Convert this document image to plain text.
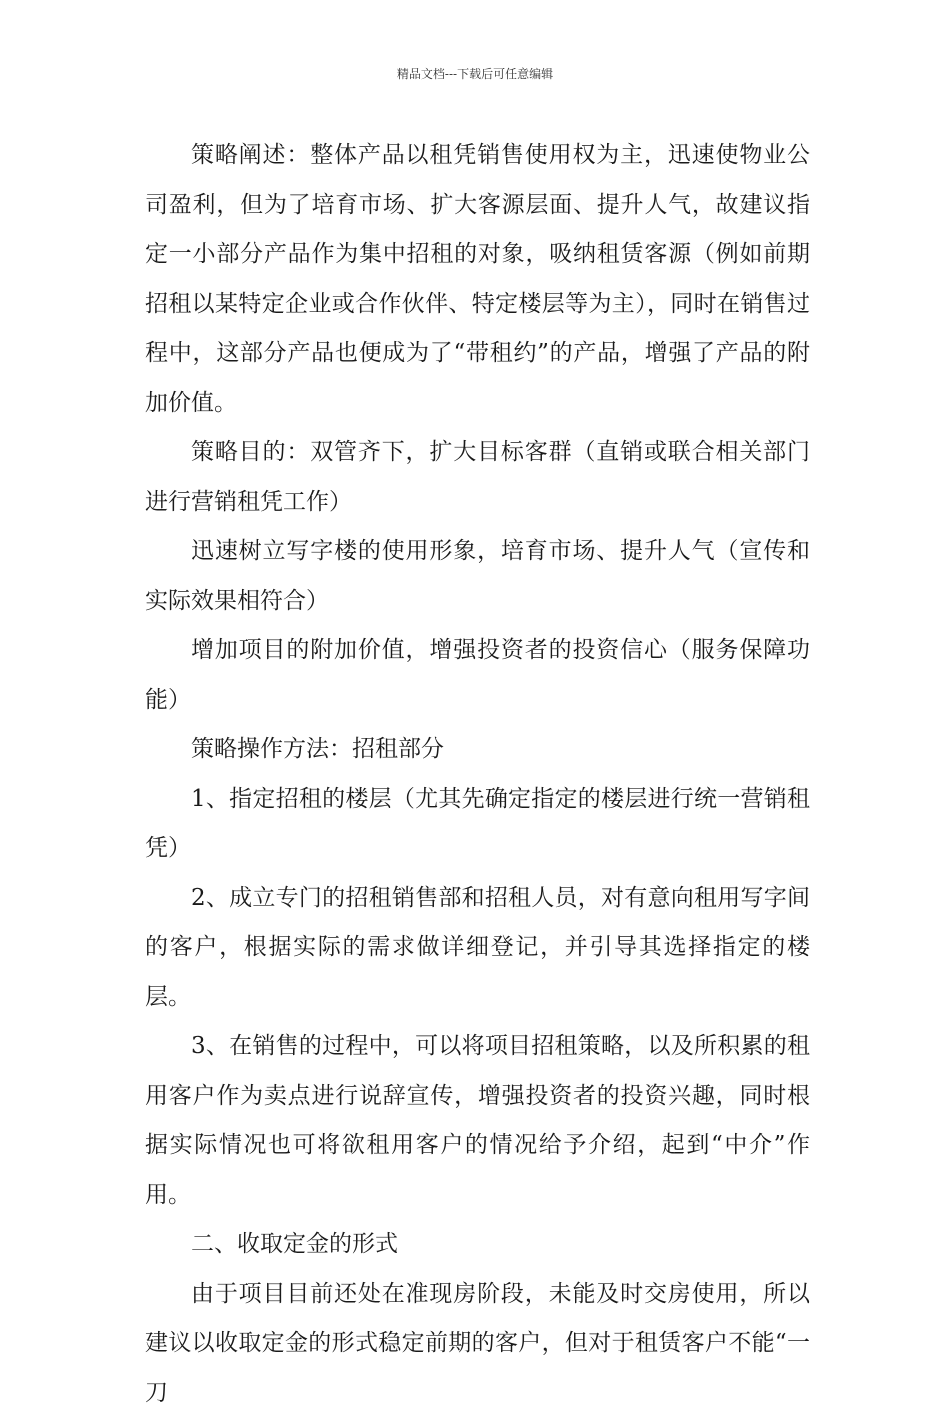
精品文档---下载后可任意编辑

策略阐述：整体产品以租凭销售使用权为主，迅速使物业公司盈利，但为了培育市场、扩大客源层面、提升人气，故建议指定一小部分产品作为集中招租的对象，吸纳租赁客源（例如前期招租以某特定企业或合作伙伴、特定楼层等为主），同时在销售过程中，这部分产品也便成为了“带租约”的产品，增强了产品的附加价值。

策略目的：双管齐下，扩大目标客群（直销或联合相关部门进行营销租凭工作）

迅速树立写字楼的使用形象，培育市场、提升人气（宣传和实际效果相符合）

增加项目的附加价值，增强投资者的投资信心（服务保障功能）

策略操作方法：招租部分

1、指定招租的楼层（尤其先确定指定的楼层进行统一营销租凭）

2、成立专门的招租销售部和招租人员，对有意向租用写字间的客户，根据实际的需求做详细登记，并引导其选择指定的楼层。

3、在销售的过程中，可以将项目招租策略，以及所积累的租用客户作为卖点进行说辞宣传，增强投资者的投资兴趣，同时根据实际情况也可将欲租用客户的情况给予介绍，起到“中介”作用。

二、收取定金的形式

由于项目目前还处在准现房阶段，未能及时交房使用，所以建议以收取定金的形式稳定前期的客户，但对于租赁客户不能“一刀
